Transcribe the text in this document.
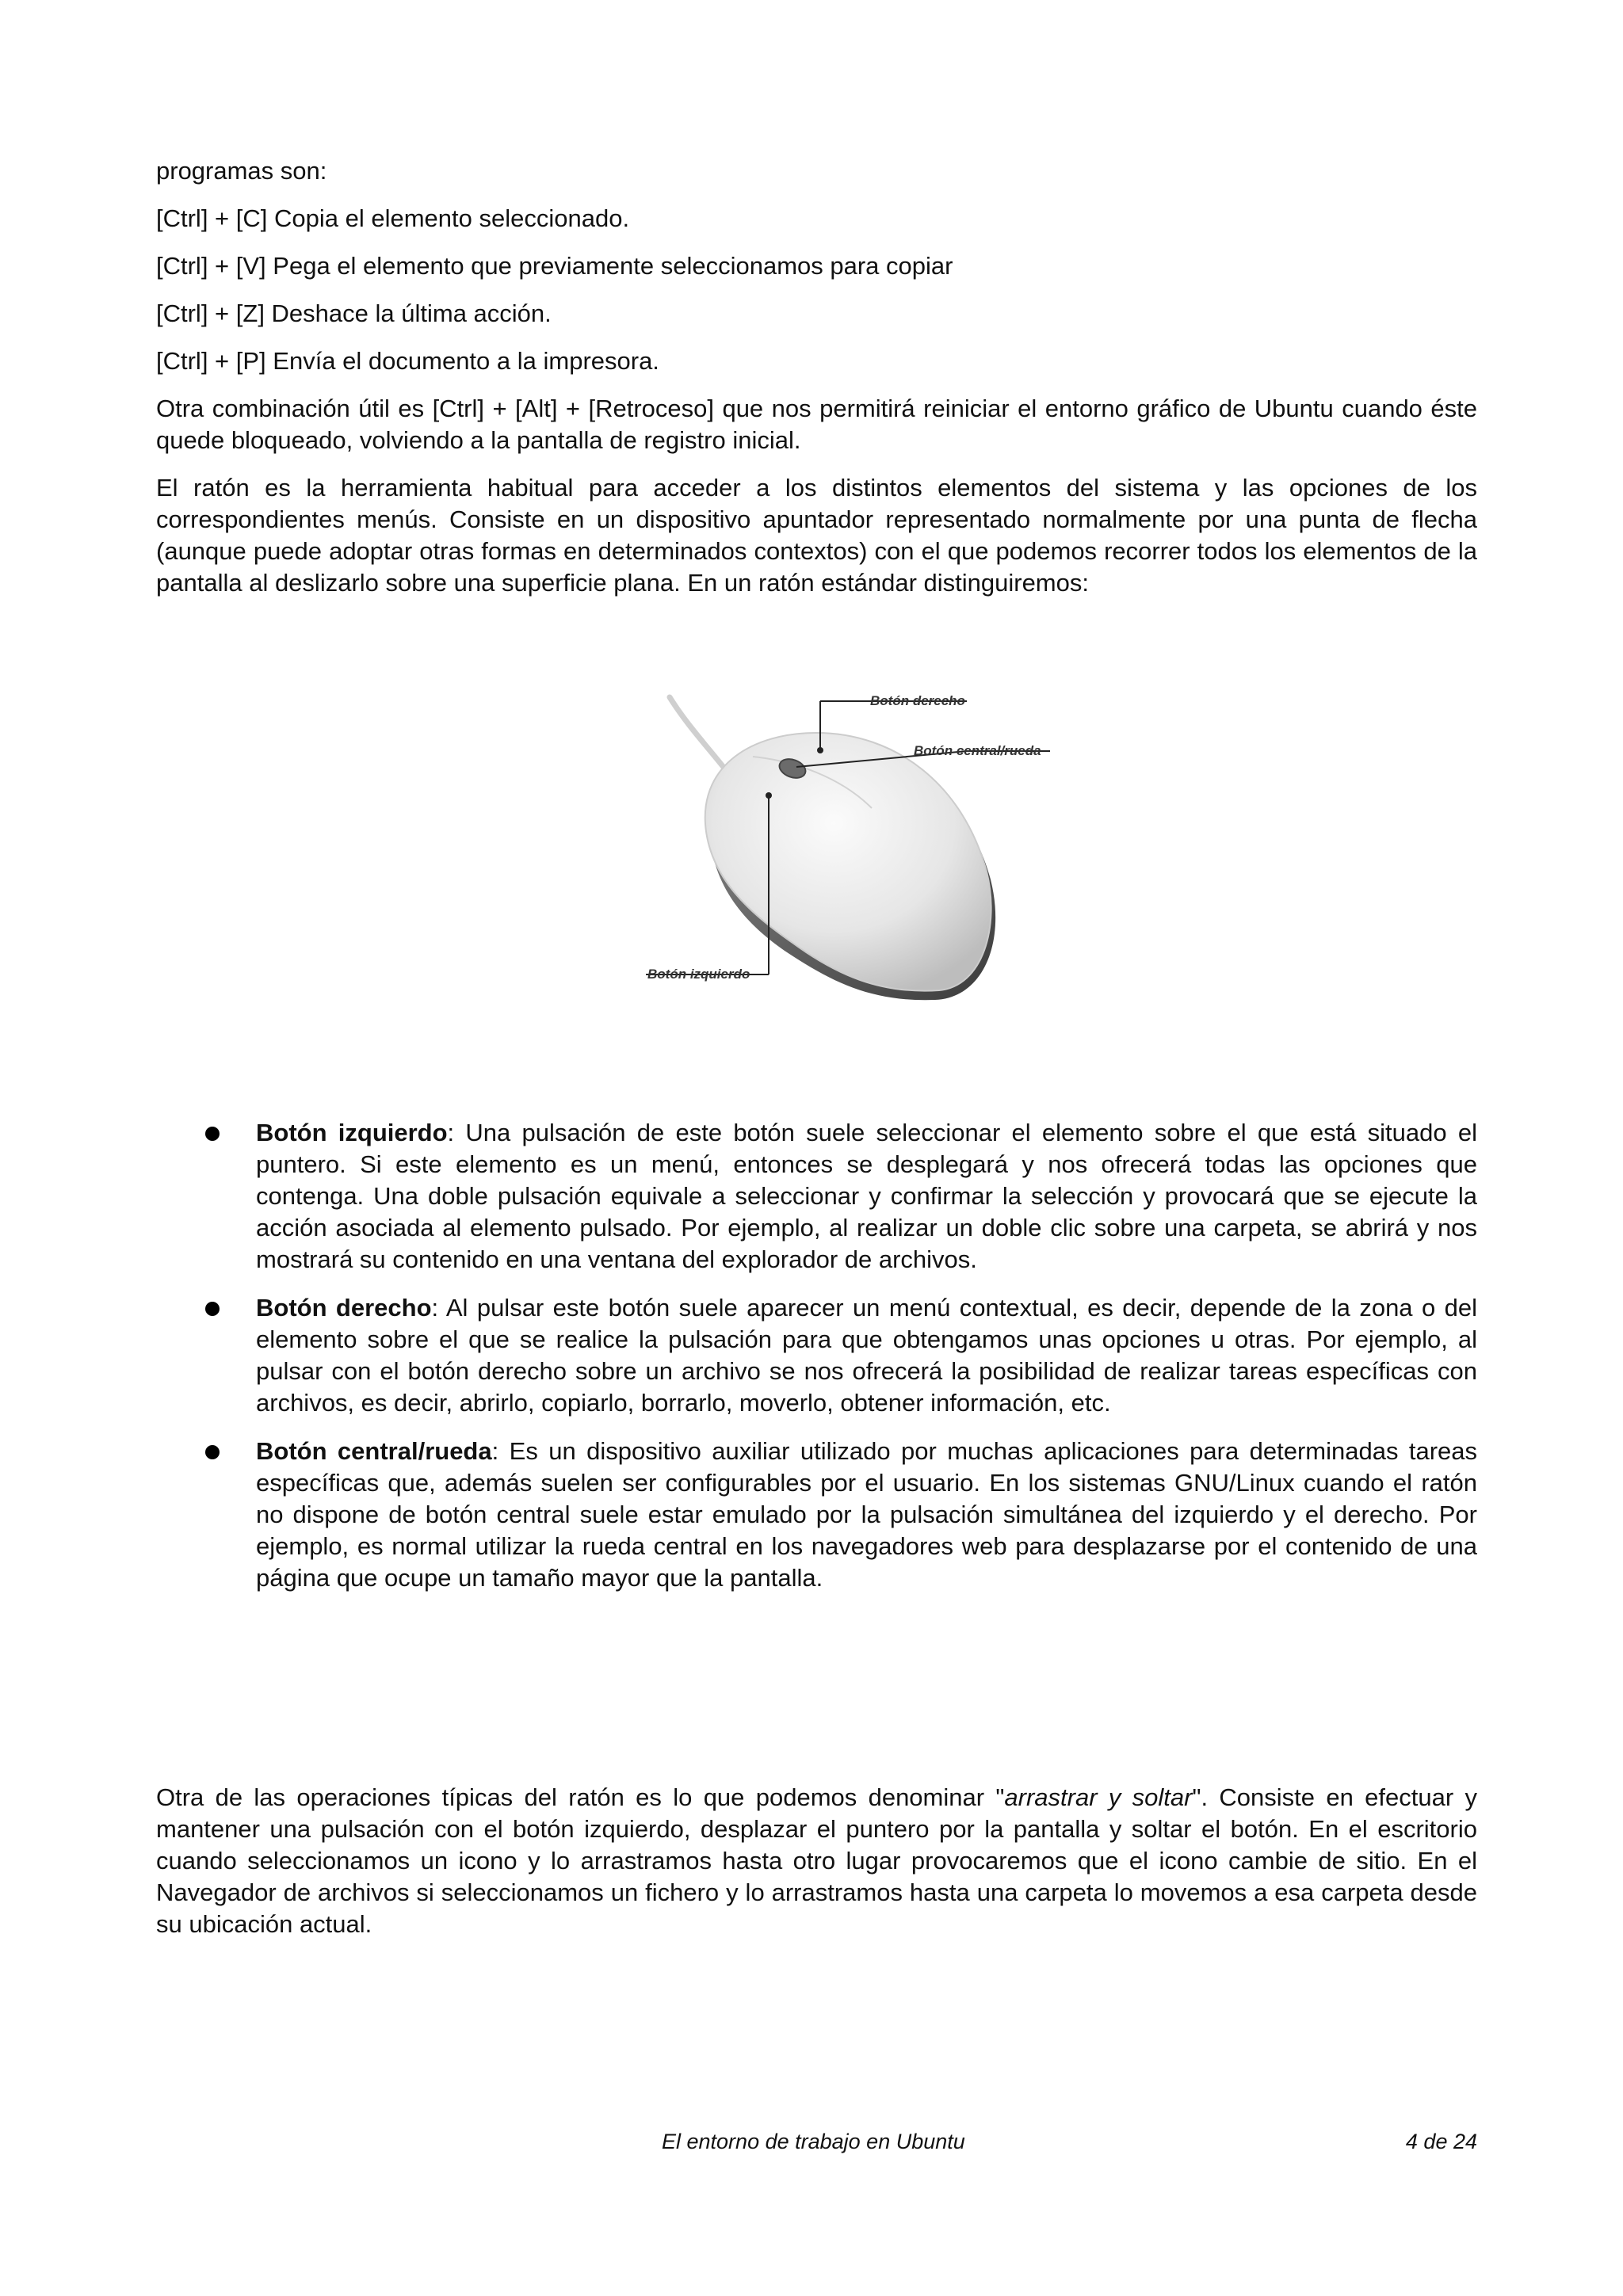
programas son:

[Ctrl] + [C] Copia el elemento seleccionado.

[Ctrl] + [V] Pega el elemento que previamente seleccionamos para copiar

[Ctrl] + [Z] Deshace la última acción.

[Ctrl] + [P] Envía el documento a la impresora.

Otra combinación útil es [Ctrl] + [Alt] + [Retroceso] que nos permitirá reiniciar el entorno gráfico de Ubuntu cuando éste quede bloqueado, volviendo a la pantalla de registro inicial.

El ratón es la herramienta habitual para acceder a los distintos elementos del sistema y las opciones de los correspondientes menús. Consiste en un dispositivo apuntador representado normalmente por una punta de flecha (aunque puede adoptar otras formas en determinados contextos) con el que podemos recorrer todos los elementos de la pantalla al deslizarlo sobre una superficie plana. En un ratón estándar distinguiremos:

Botón derecho
Botón central/rueda
Botón izquierdo
Botón izquierdo: Una pulsación de este botón suele seleccionar el elemento sobre el que está situado el puntero. Si este elemento es un menú, entonces se desplegará y nos ofrecerá todas las opciones que contenga. Una doble pulsación equivale a seleccionar y confirmar la selección y provocará que se ejecute la acción asociada al elemento pulsado. Por ejemplo, al realizar un doble clic sobre una carpeta, se abrirá y nos mostrará su contenido en una ventana del explorador de archivos.
Botón derecho: Al pulsar este botón suele aparecer un menú contextual, es decir, depende de la zona o del elemento sobre el que se realice la pulsación para que obtengamos unas opciones u otras. Por ejemplo, al pulsar con el botón derecho sobre un archivo se nos ofrecerá la posibilidad de realizar tareas específicas con archivos, es decir, abrirlo, copiarlo, borrarlo, moverlo, obtener información, etc.
Botón central/rueda: Es un dispositivo auxiliar utilizado por muchas aplicaciones para determinadas tareas específicas que, además suelen ser configurables por el usuario. En los sistemas GNU/Linux cuando el ratón no dispone de botón central suele estar emulado por la pulsación simultánea del izquierdo y el derecho. Por ejemplo, es normal utilizar la rueda central en los navegadores web para desplazarse por el contenido de una página que ocupe un tamaño mayor que la pantalla.

Otra de las operaciones típicas del ratón es lo que podemos denominar "arrastrar y soltar". Consiste en efectuar y mantener una pulsación con el botón izquierdo, desplazar el puntero por la pantalla y soltar el botón. En el escritorio cuando seleccionamos un icono y lo arrastramos hasta otro lugar provocaremos que el icono cambie de sitio. En el Navegador de archivos si seleccionamos un fichero y lo arrastramos hasta una carpeta lo movemos a esa carpeta desde su ubicación actual.

El entorno de trabajo en Ubuntu	4 de 24
